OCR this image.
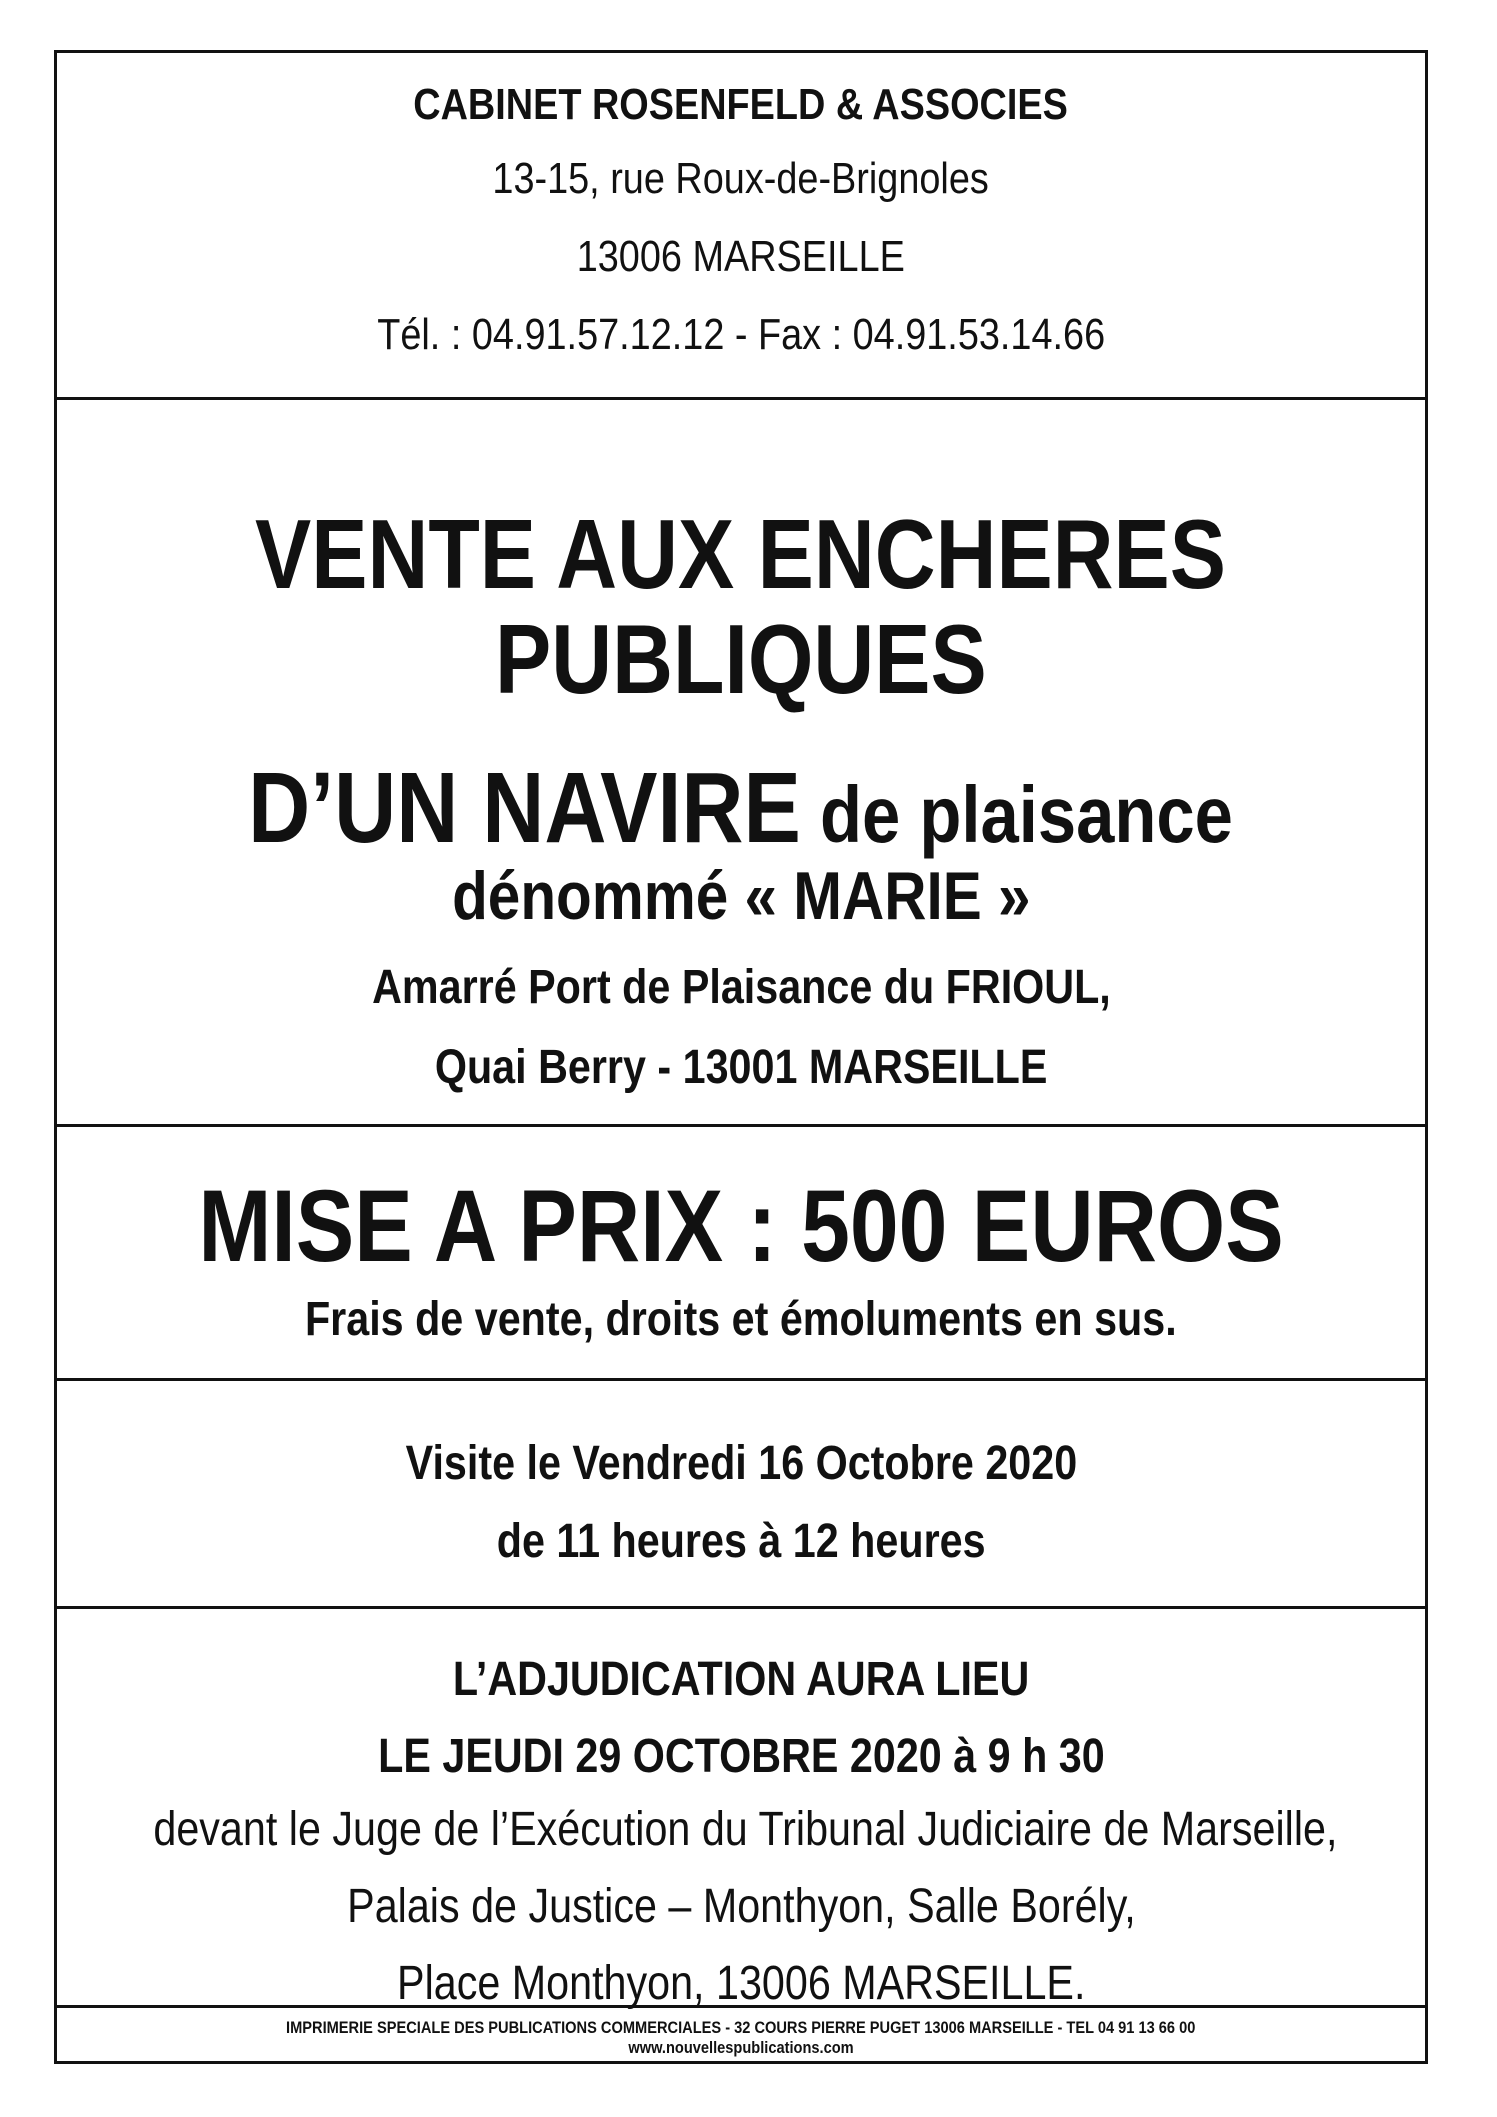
CABINET ROSENFELD & ASSOCIES
13-15, rue Roux-de-Brignoles
13006 MARSEILLE
Tél. : 04.91.57.12.12 - Fax : 04.91.53.14.66
VENTE AUX ENCHERES
PUBLIQUES
D’UN NAVIRE de plaisance
dénommé « MARIE »
Amarré Port de Plaisance du FRIOUL,
Quai Berry - 13001 MARSEILLE
MISE A PRIX : 500 EUROS
Frais de vente, droits et émoluments en sus.
Visite le Vendredi 16 Octobre 2020
de 11 heures à 12 heures
L’ADJUDICATION AURA LIEU
LE JEUDI 29 OCTOBRE 2020 à 9 h 30
devant le Juge de l’Exécution du Tribunal Judiciaire de Marseille,
Palais de Justice – Monthyon, Salle Borély,
Place Monthyon, 13006 MARSEILLE.
IMPRIMERIE SPECIALE DES PUBLICATIONS COMMERCIALES - 32 COURS PIERRE PUGET 13006 MARSEILLE - TEL 04 91 13 66 00
www.nouvellespublications.com
